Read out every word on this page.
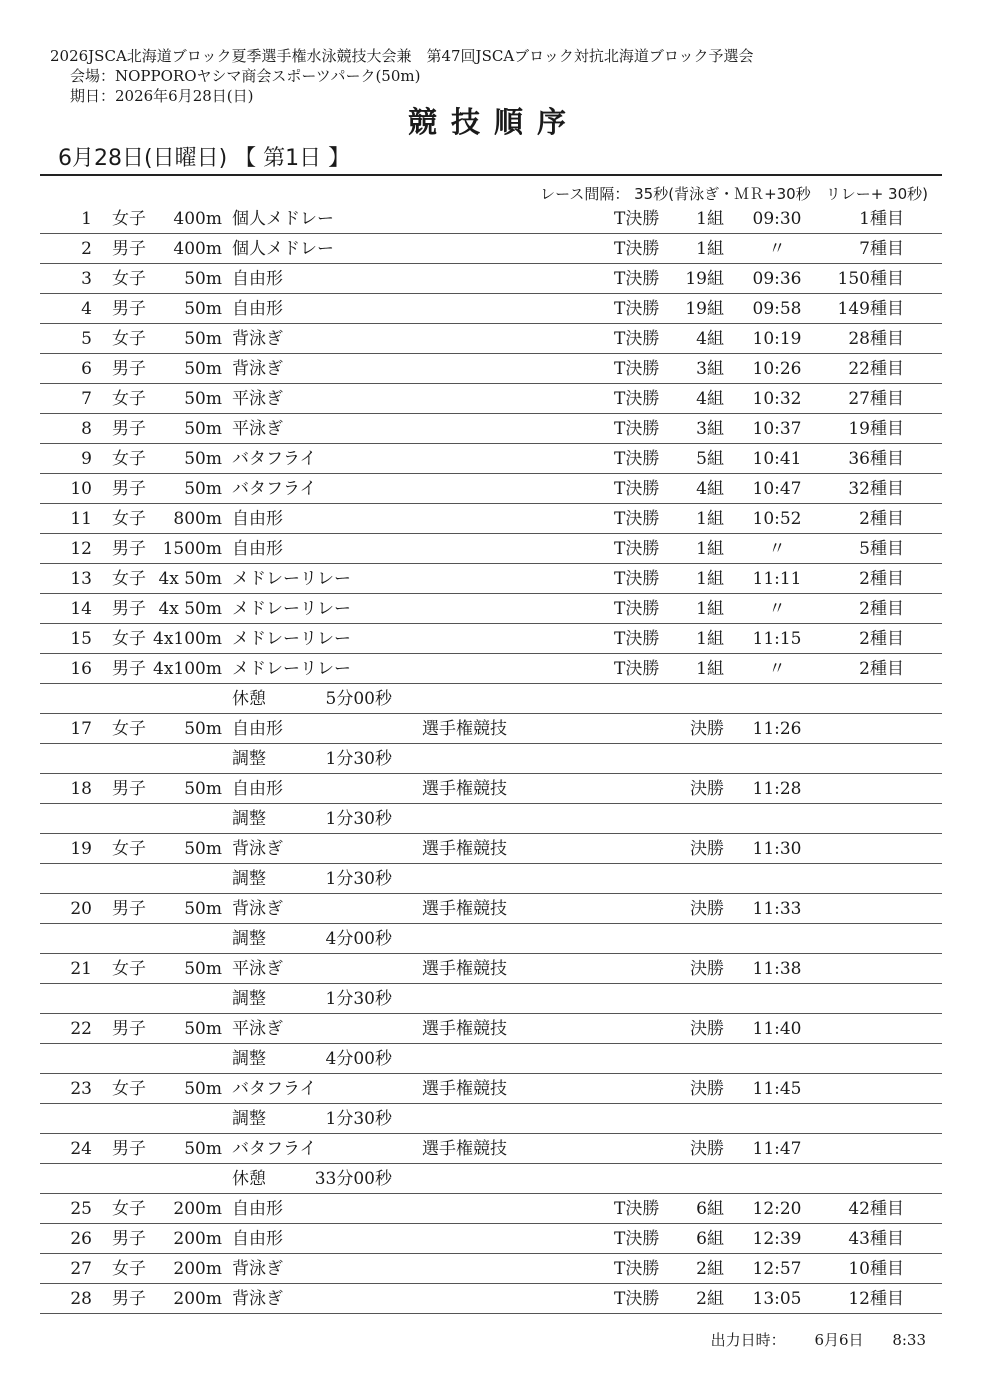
2026JSCA北海道ブロック夏季選手権水泳競技大会兼　第47回JSCAブロック対抗北海道ブロック予選会
会場：NOPPOROヤシマ商会スポーツパーク(50m)
期日：2026年6月28日(日)
競技順序
6月28日(日曜日) 【 第1日 】
レース間隔： 35秒(背泳ぎ・ＭＲ+30秒　リレー+ 30秒)
1 女子	400m 個人メドレー	T決勝	1組	09:30	1種目
2 男子	400m 個人メドレー	T決勝	1組	〃	7種目
3 女子	50m 自由形	T決勝	19組	09:36	150種目
4 男子	50m 自由形	T決勝	19組	09:58	149種目
5 女子	50m 背泳ぎ	T決勝	4組	10:19	28種目
6 男子	50m 背泳ぎ	T決勝	3組	10:26	22種目
7 女子	50m 平泳ぎ	T決勝	4組	10:32	27種目
8 男子	50m 平泳ぎ	T決勝	3組	10:37	19種目
9 女子	50m バタフライ	T決勝	5組	10:41	36種目
10 男子	50m バタフライ	T決勝	4組	10:47	32種目
11 女子	800m 自由形	T決勝	1組	10:52	2種目
12 男子 1500m 自由形	T決勝	1組	〃	5種目
13 女子 4x 50m メドレーリレー	T決勝	1組	11:11	2種目
14 男子 4x 50m メドレーリレー	T決勝	1組	〃	2種目
15 女子 4x100m メドレーリレー	T決勝	1組	11:15	2種目
16 男子 4x100m メドレーリレー	T決勝	1組	〃	2種目
休憩	5分00秒
17 女子	50m 自由形	選手権競技	決勝	11:26
調整	1分30秒
18 男子	50m 自由形	選手権競技	決勝	11:28
調整	1分30秒
19 女子	50m 背泳ぎ	選手権競技	決勝	11:30
調整	1分30秒
20 男子	50m 背泳ぎ	選手権競技	決勝	11:33
調整	4分00秒
21 女子	50m 平泳ぎ	選手権競技	決勝	11:38
調整	1分30秒
22 男子	50m 平泳ぎ	選手権競技	決勝	11:40
調整	4分00秒
23 女子	50m バタフライ	選手権競技	決勝	11:45
調整	1分30秒
24 男子	50m バタフライ	選手権競技	決勝	11:47
休憩	33分00秒
25 女子	200m 自由形	T決勝	6組	12:20	42種目
26 男子	200m 自由形	T決勝	6組	12:39	43種目
27 女子	200m 背泳ぎ	T決勝	2組	12:57	10種目
28 男子	200m 背泳ぎ	T決勝	2組	13:05	12種目
出力日時： 6月6日 8:33
